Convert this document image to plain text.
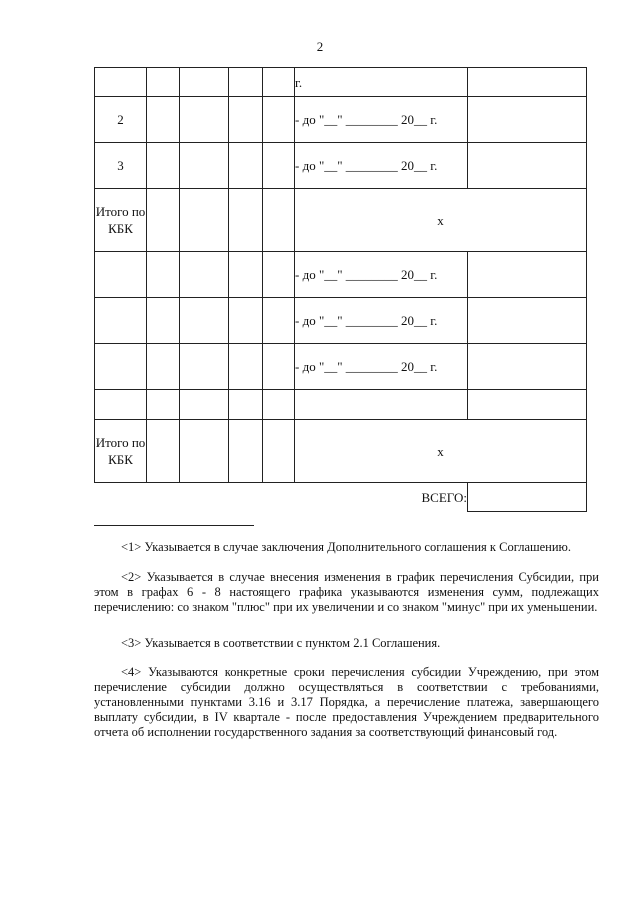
2
					г.	
2					- до "__" ________ 20__ г.	
3					- до "__" ________ 20__ г.	
Итого по КБК					x	
					- до "__" ________ 20__ г.	
					- до "__" ________ 20__ г.	
					- до "__" ________ 20__ г.	

Итого по КБК					x	
					ВСЕГО:	

<1> Указывается в случае заключения Дополнительного соглашения к Соглашению.

<2> Указывается в случае внесения изменения в график перечисления Субсидии, при этом в графах 6 - 8 настоящего графика указываются изменения сумм, подлежащих перечислению: со знаком "плюс" при их увеличении и со знаком "минус" при их уменьшении.

<3> Указывается в соответствии с пунктом 2.1 Соглашения.

<4> Указываются конкретные сроки перечисления субсидии Учреждению, при этом перечисление субсидии должно осуществляться в соответствии с требованиями, установленными пунктами 3.16 и 3.17 Порядка, а перечисление платежа, завершающего выплату субсидии, в IV квартале - после предоставления Учреждением предварительного отчета об исполнении государственного задания за соответствующий финансовый год.
